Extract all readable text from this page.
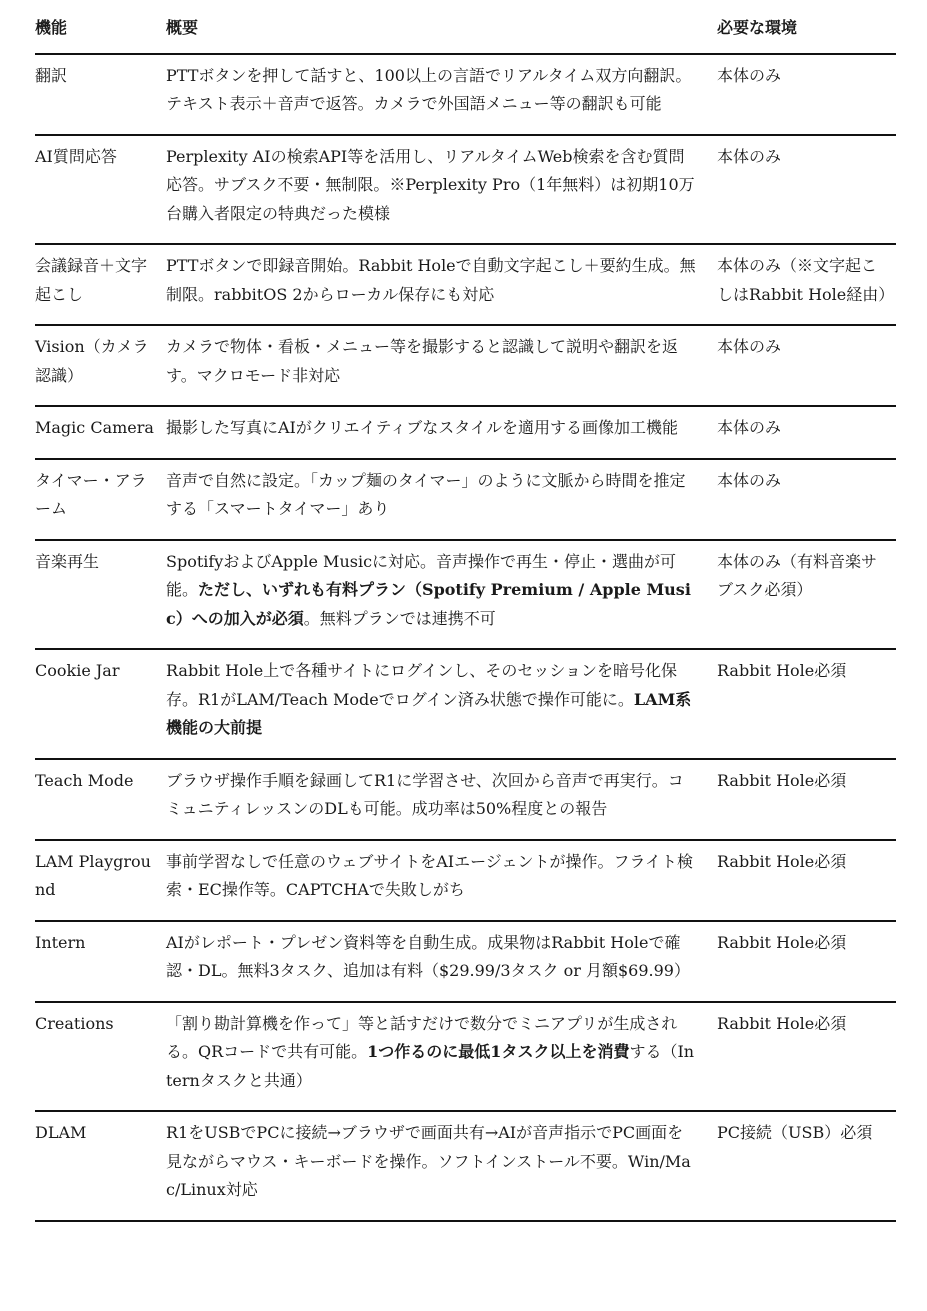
機能	概要	必要な環境
翻訳	PTTボタンを押して話すと、100以上の言語でリアルタイム双方向翻訳。テキスト表示＋音声で返答。カメラで外国語メニュー等の翻訳も可能	本体のみ
AI質問応答	Perplexity AIの検索API等を活用し、リアルタイムWeb検索を含む質問応答。サブスク不要・無制限。※Perplexity Pro（1年無料）は初期10万台購入者限定の特典だった模様	本体のみ
会議録音＋文字起こし	PTTボタンで即録音開始。Rabbit Holeで自動文字起こし＋要約生成。無制限。rabbitOS 2からローカル保存にも対応	本体のみ（※文字起こしはRabbit Hole経由）
Vision（カメラ認識）	カメラで物体・看板・メニュー等を撮影すると認識して説明や翻訳を返す。マクロモード非対応	本体のみ
Magic Camera	撮影した写真にAIがクリエイティブなスタイルを適用する画像加工機能	本体のみ
タイマー・アラーム	音声で自然に設定。「カップ麺のタイマー」のように文脈から時間を推定する「スマートタイマー」あり	本体のみ
音楽再生	SpotifyおよびApple Musicに対応。音声操作で再生・停止・選曲が可能。ただし、いずれも有料プラン（Spotify Premium / Apple Music）への加入が必須。無料プランでは連携不可	本体のみ（有料音楽サブスク必須）
Cookie Jar	Rabbit Hole上で各種サイトにログインし、そのセッションを暗号化保存。R1がLAM/Teach Modeでログイン済み状態で操作可能に。LAM系機能の大前提	Rabbit Hole必須
Teach Mode	ブラウザ操作手順を録画してR1に学習させ、次回から音声で再実行。コミュニティレッスンのDLも可能。成功率は50%程度との報告	Rabbit Hole必須
LAM Playground	事前学習なしで任意のウェブサイトをAIエージェントが操作。フライト検索・EC操作等。CAPTCHAで失敗しがち	Rabbit Hole必須
Intern	AIがレポート・プレゼン資料等を自動生成。成果物はRabbit Holeで確認・DL。無料3タスク、追加は有料（$29.99/3タスク or 月額$69.99）	Rabbit Hole必須
Creations	「割り勘計算機を作って」等と話すだけで数分でミニアプリが生成される。QRコードで共有可能。1つ作るのに最低1タスク以上を消費する（Internタスクと共通）	Rabbit Hole必須
DLAM	R1をUSBでPCに接続→ブラウザで画面共有→AIが音声指示でPC画面を見ながらマウス・キーボードを操作。ソフトインストール不要。Win/Mac/Linux対応	PC接続（USB）必須
